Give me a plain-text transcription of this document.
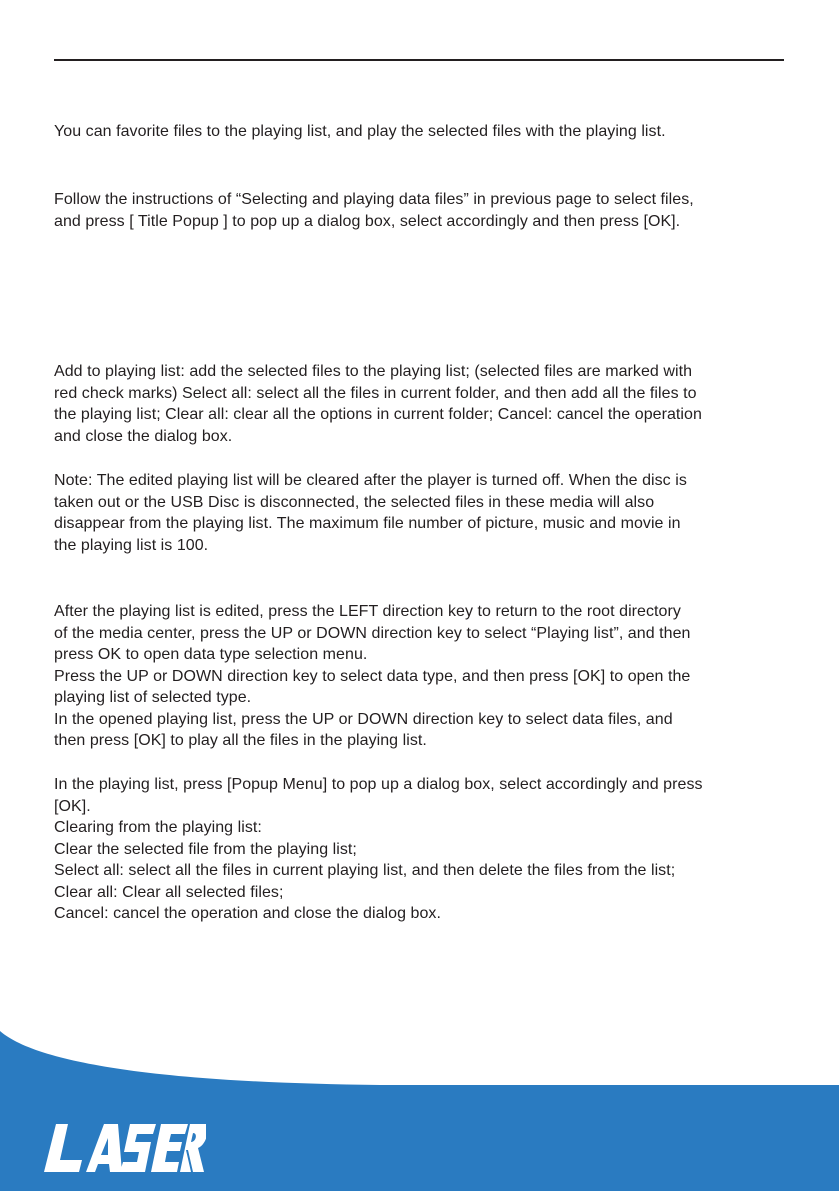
You can favorite files to the playing list, and play the selected files with the playing list.

Follow the instructions of “Selecting and playing data files” in previous page to select files,
and press [ Title Popup ] to pop up a dialog box, select accordingly and then press [OK].

Add to playing list: add the selected files to the playing list; (selected files are marked with
red check marks) Select all: select all the files in current folder, and then add all the files to
the playing list; Clear all: clear all the options in current folder; Cancel: cancel the operation
and close the dialog box.

Note: The edited playing list will be cleared after the player is turned off. When the disc is
taken out or the USB Disc is disconnected, the selected files in these media will also
disappear from the playing list. The maximum file number of picture, music and movie in
the playing list is 100.

After the playing list is edited, press the LEFT direction key to return to the root directory
of the media center, press the UP or DOWN direction key to select “Playing list”, and then
press OK to open data type selection menu.
Press the UP or DOWN direction key to select data type, and then press [OK] to open the
playing list of selected type.
In the opened playing list, press the UP or DOWN direction key to select data files, and
then press [OK] to play all the files in the playing list.

In the playing list, press [Popup Menu] to pop up a dialog box, select accordingly and press
[OK].
Clearing from the playing list:
Clear the selected file from the playing list;
Select all: select all the files in current playing list, and then delete the files from the list;
Clear all: Clear all selected files;
Cancel: cancel the operation and close the dialog box.
